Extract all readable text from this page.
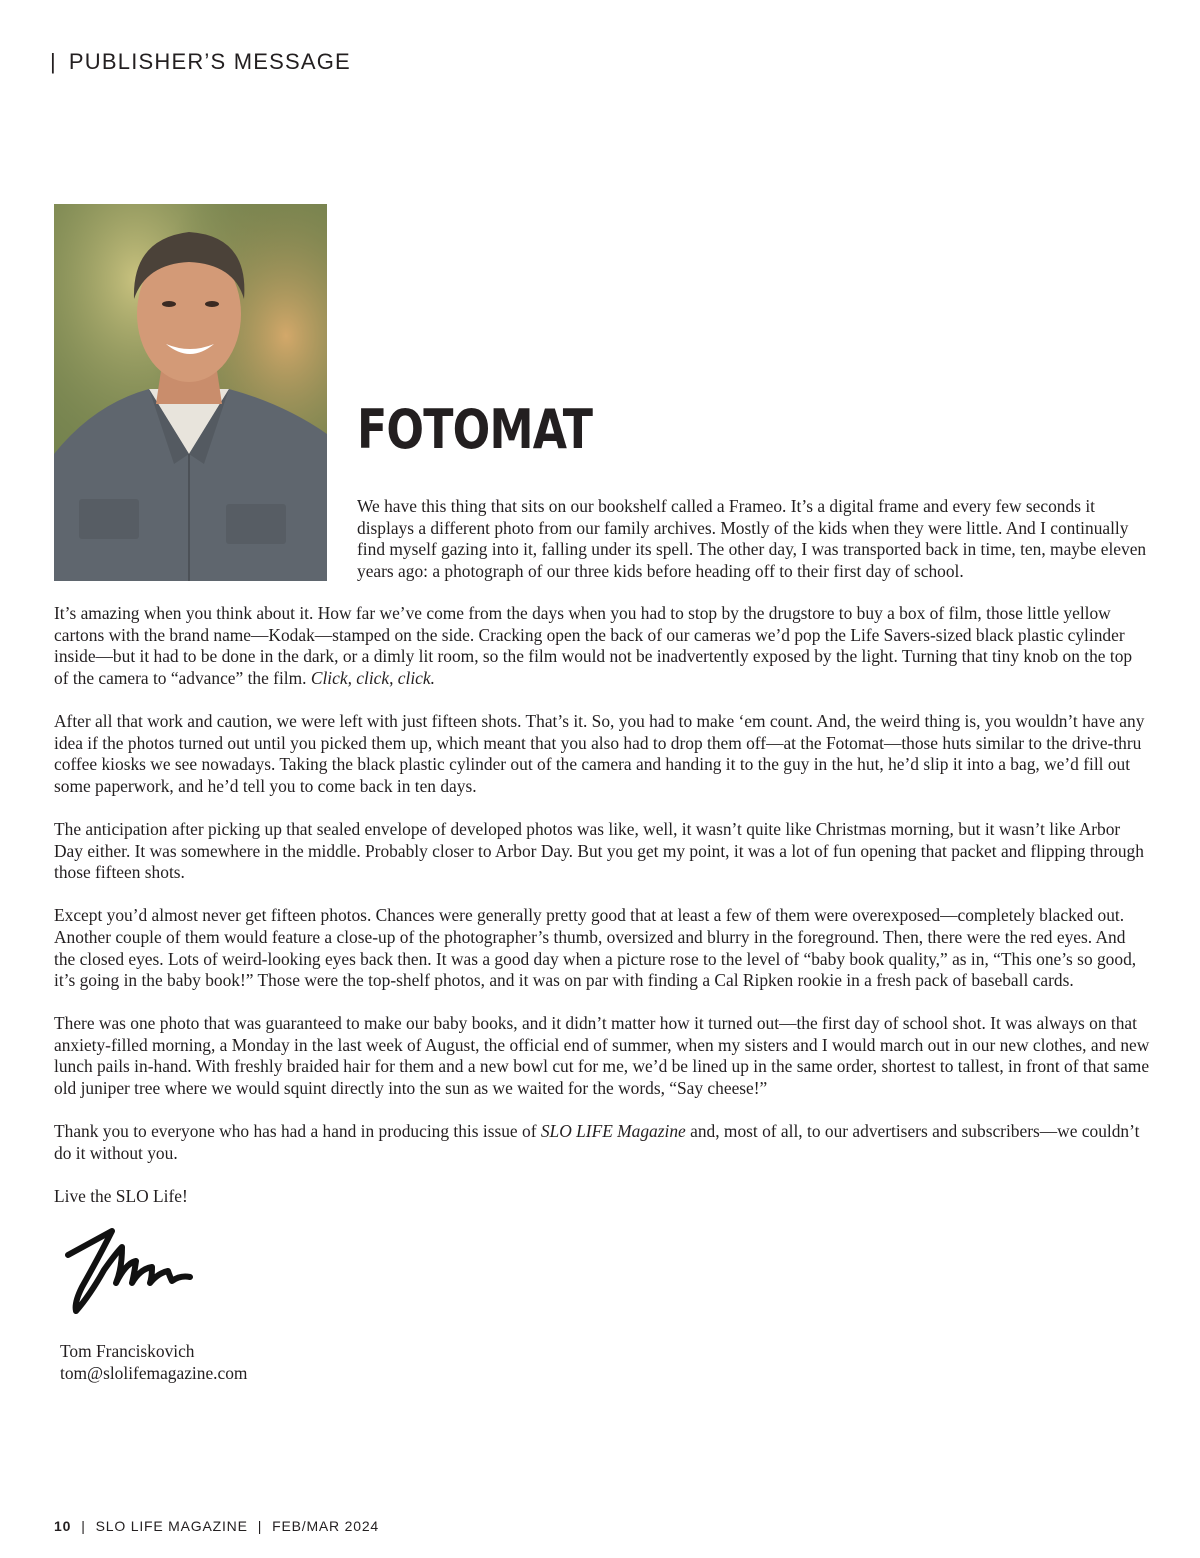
| PUBLISHER’S MESSAGE
FOTOMAT

We have this thing that sits on our bookshelf called a Frameo. It’s a digital frame and every few seconds it displays a different photo from our family archives. Mostly of the kids when they were little. And I continually find myself gazing into it, falling under its spell. The other day, I was transported back in time, ten, maybe eleven years ago: a photograph of our three kids before heading off to their first day of school.

It’s amazing when you think about it. How far we’ve come from the days when you had to stop by the drugstore to buy a box of film, those little yellow cartons with the brand name—Kodak—stamped on the side. Cracking open the back of our cameras we’d pop the Life Savers-sized black plastic cylinder inside—but it had to be done in the dark, or a dimly lit room, so the film would not be inadvertently exposed by the light. Turning that tiny knob on the top of the camera to “advance” the film. Click, click, click.

After all that work and caution, we were left with just fifteen shots. That’s it. So, you had to make ‘em count. And, the weird thing is, you wouldn’t have any idea if the photos turned out until you picked them up, which meant that you also had to drop them off—at the Fotomat—those huts similar to the drive-thru coffee kiosks we see nowadays. Taking the black plastic cylinder out of the camera and handing it to the guy in the hut, he’d slip it into a bag, we’d fill out some paperwork, and he’d tell you to come back in ten days.

The anticipation after picking up that sealed envelope of developed photos was like, well, it wasn’t quite like Christmas morning, but it wasn’t like Arbor Day either. It was somewhere in the middle. Probably closer to Arbor Day. But you get my point, it was a lot of fun opening that packet and flipping through those fifteen shots.

Except you’d almost never get fifteen photos. Chances were generally pretty good that at least a few of them were overexposed—completely blacked out. Another couple of them would feature a close-up of the photographer’s thumb, oversized and blurry in the foreground. Then, there were the red eyes. And the closed eyes. Lots of weird-looking eyes back then. It was a good day when a picture rose to the level of “baby book quality,” as in, “This one’s so good, it’s going in the baby book!” Those were the top-shelf photos, and it was on par with finding a Cal Ripken rookie in a fresh pack of baseball cards.

There was one photo that was guaranteed to make our baby books, and it didn’t matter how it turned out—the first day of school shot. It was always on that anxiety-filled morning, a Monday in the last week of August, the official end of summer, when my sisters and I would march out in our new clothes, and new lunch pails in-hand. With freshly braided hair for them and a new bowl cut for me, we’d be lined up in the same order, shortest to tallest, in front of that same old juniper tree where we would squint directly into the sun as we waited for the words, “Say cheese!”

Thank you to everyone who has had a hand in producing this issue of SLO LIFE Magazine and, most of all, to our advertisers and subscribers—we couldn’t do it without you.

Live the SLO Life!

Tom Franciskovich
tom@slolifemagazine.com
10 | SLO LIFE MAGAZINE | FEB/MAR 2024
